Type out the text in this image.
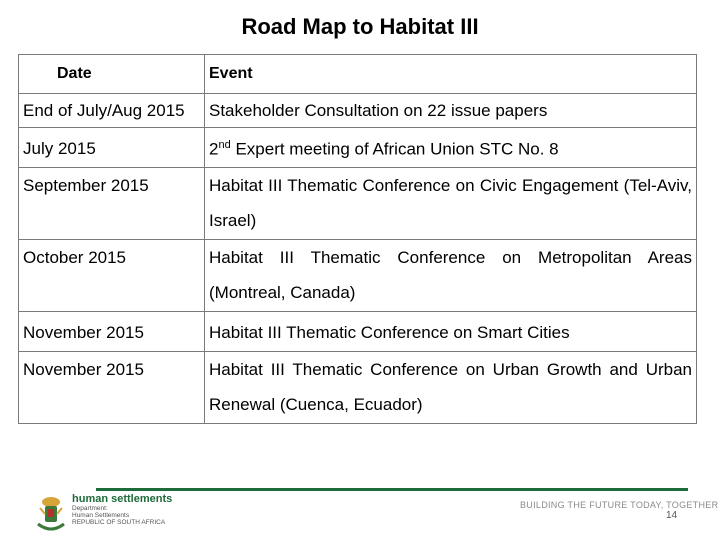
Road Map to Habitat III
Date	Event
End of July/Aug 2015	Stakeholder Consultation on 22 issue papers
July 2015	2nd Expert meeting of African Union STC No. 8
September 2015	Habitat III Thematic Conference on Civic Engagement (Tel-Aviv, Israel)
October 2015	Habitat III Thematic Conference on Metropolitan Areas (Montreal, Canada)
November 2015	Habitat III Thematic Conference on Smart Cities
November 2015	Habitat III Thematic Conference on Urban Growth and Urban Renewal (Cuenca, Ecuador)
human settlements
Department:
Human Settlements
REPUBLIC OF SOUTH AFRICA
BUILDING THE FUTURE TODAY, TOGETHER
14
